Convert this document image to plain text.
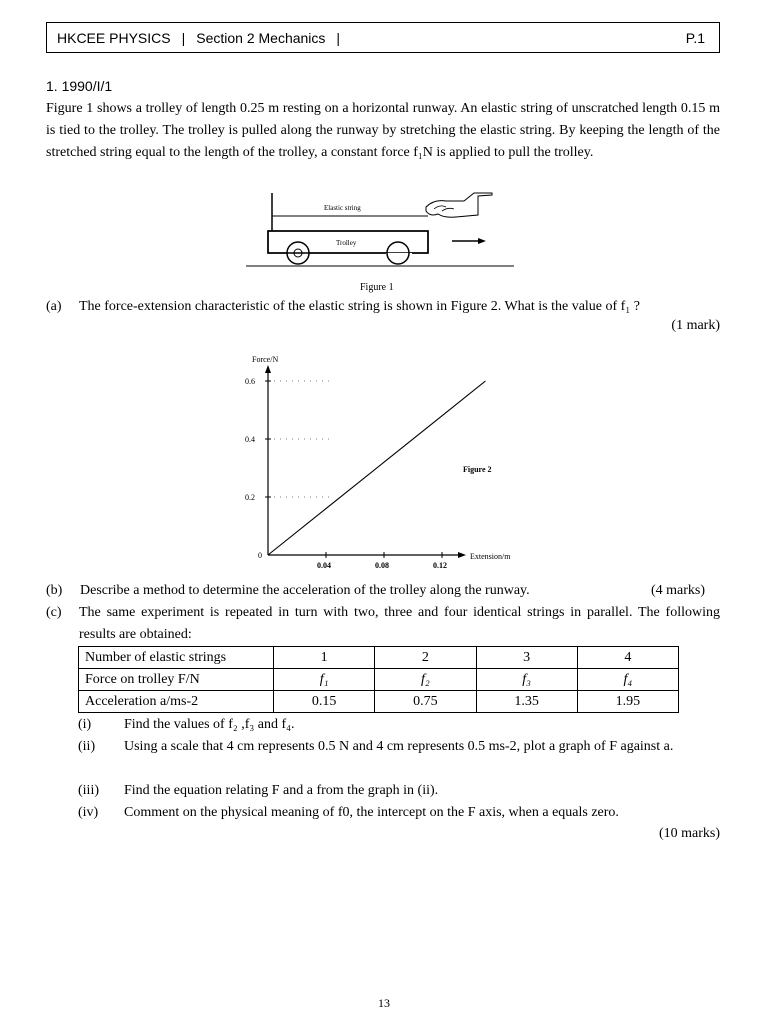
HKCEE PHYSICS | Section 2 Mechanics |	P.1
1. 1990/I/1
Figure 1 shows a trolley of length 0.25 m resting on a horizontal runway. An elastic string of unscratched length 0.15 m is tied to the trolley. The trolley is pulled along the runway by stretching the elastic string. By keeping the length of the stretched string equal to the length of the trolley, a constant force f₁N is applied to pull the trolley.
Elastic string
Trolley
Figure 1
(a) The force-extension characteristic of the elastic string is shown in Figure 2. What is the value of f₁ ?
(1 mark)
Force/N
Extension/m
Figure 2
0
0.2
0.4
0.6
0.04	0.08	0.12
(b) Describe a method to determine the acceleration of the trolley along the runway.	(4 marks)
(c) The same experiment is repeated in turn with two, three and four identical strings in parallel. The following results are obtained:
Number of elastic strings	1	2	3	4
Force on trolley F/N	f₁	f₂	f₃	f₄
Acceleration a/ms-2	0.15	0.75	1.35	1.95
(i) Find the values of f₂ ,f₃ and f₄.
(ii) Using a scale that 4 cm represents 0.5 N and 4 cm represents 0.5 ms-2, plot a graph of F against a.
(iii) Find the equation relating F and a from the graph in (ii).
(iv) Comment on the physical meaning of f0, the intercept on the F axis, when a equals zero.
(10 marks)
13
